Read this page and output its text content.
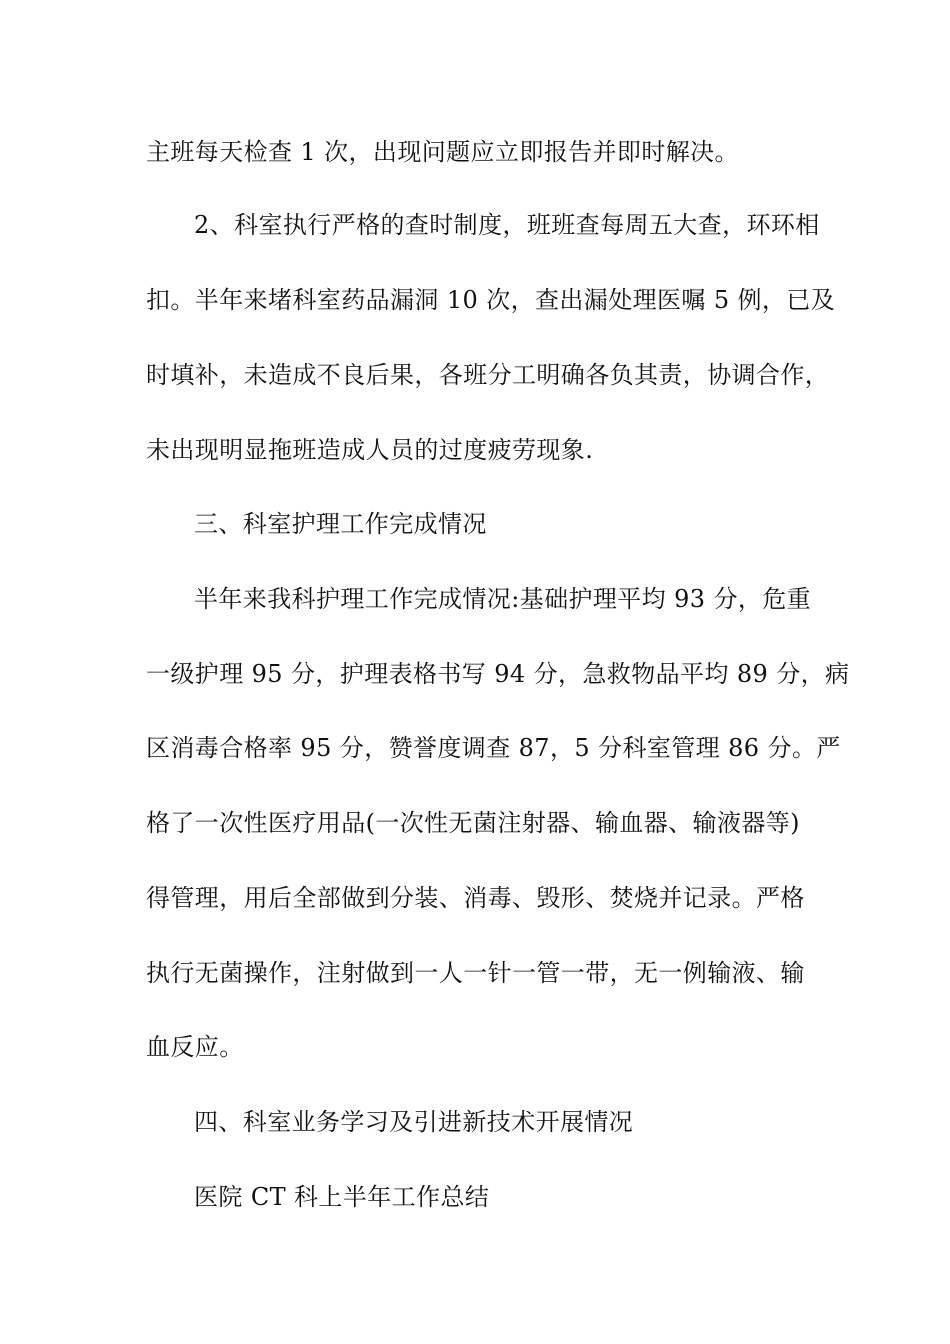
主班每天检查 1 次，出现问题应立即报告并即时解决。
2、科室执行严格的查时制度，班班查每周五大查，环环相
扣。半年来堵科室药品漏洞 10 次，查出漏处理医嘱 5 例，已及
时填补，未造成不良后果，各班分工明确各负其责，协调合作，
未出现明显拖班造成人员的过度疲劳现象.
三、科室护理工作完成情况
半年来我科护理工作完成情况:基础护理平均 93 分，危重
一级护理 95 分，护理表格书写 94 分，急救物品平均 89 分，病
区消毒合格率 95 分，赞誉度调查 87，5 分科室管理 86 分。严
格了一次性医疗用品(一次性无菌注射器、输血器、输液器等)
得管理，用后全部做到分装、消毒、毁形、焚烧并记录。严格
执行无菌操作，注射做到一人一针一管一带，无一例输液、输
血反应。
四、科室业务学习及引进新技术开展情况
医院 CT 科上半年工作总结
